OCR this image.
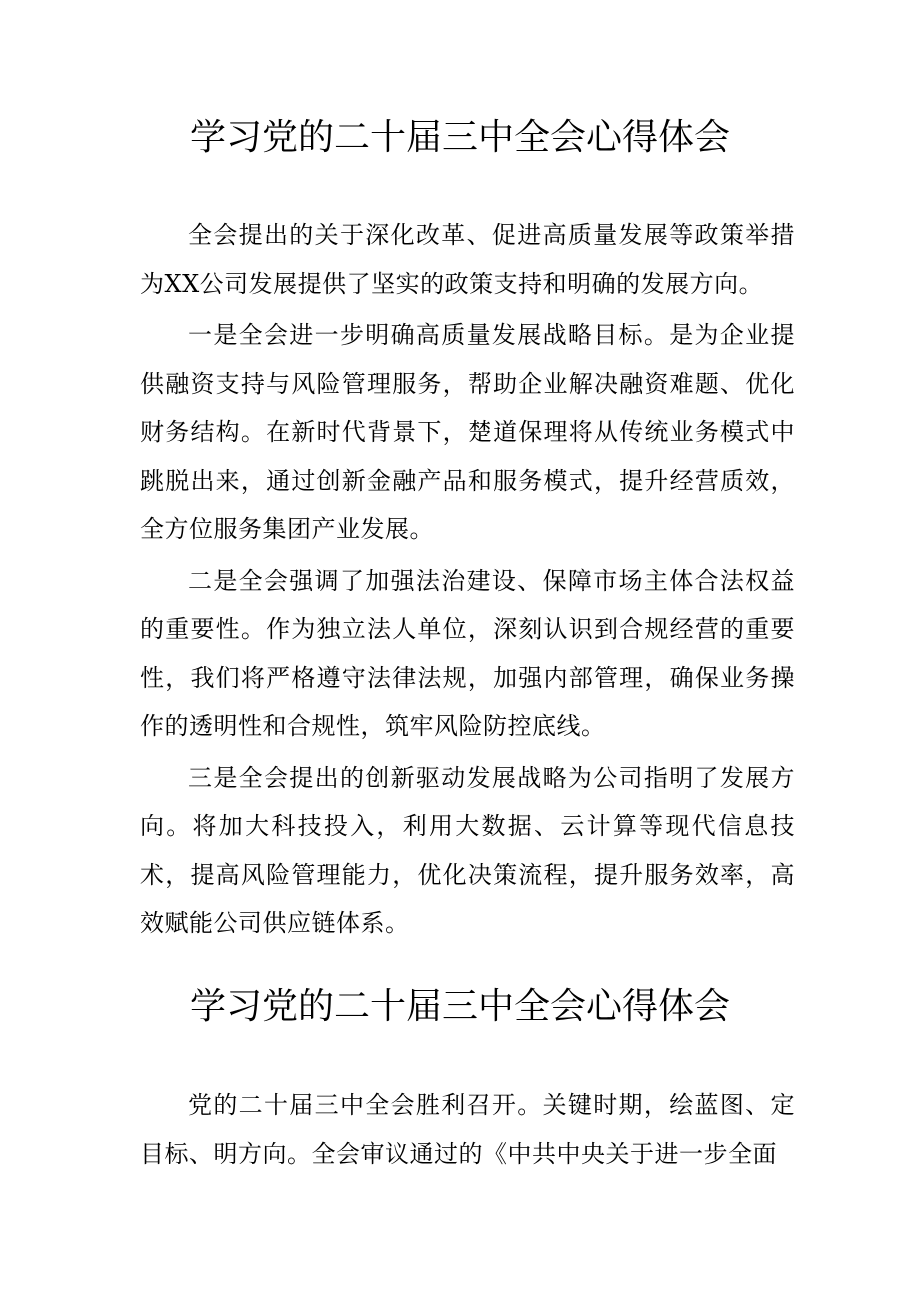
学习党的二十届三中全会心得体会

全会提出的关于深化改革、促进高质量发展等政策举措为XX公司发展提供了坚实的政策支持和明确的发展方向。

一是全会进一步明确高质量发展战略目标。是为企业提供融资支持与风险管理服务，帮助企业解决融资难题、优化财务结构。在新时代背景下，楚道保理将从传统业务模式中跳脱出来，通过创新金融产品和服务模式，提升经营质效，全方位服务集团产业发展。

二是全会强调了加强法治建设、保障市场主体合法权益的重要性。作为独立法人单位，深刻认识到合规经营的重要性，我们将严格遵守法律法规，加强内部管理，确保业务操作的透明性和合规性，筑牢风险防控底线。

三是全会提出的创新驱动发展战略为公司指明了发展方向。将加大科技投入，利用大数据、云计算等现代信息技术，提高风险管理能力，优化决策流程，提升服务效率，高效赋能公司供应链体系。

学习党的二十届三中全会心得体会

党的二十届三中全会胜利召开。关键时期，绘蓝图、定目标、明方向。全会审议通过的《中共中央关于进一步全面
